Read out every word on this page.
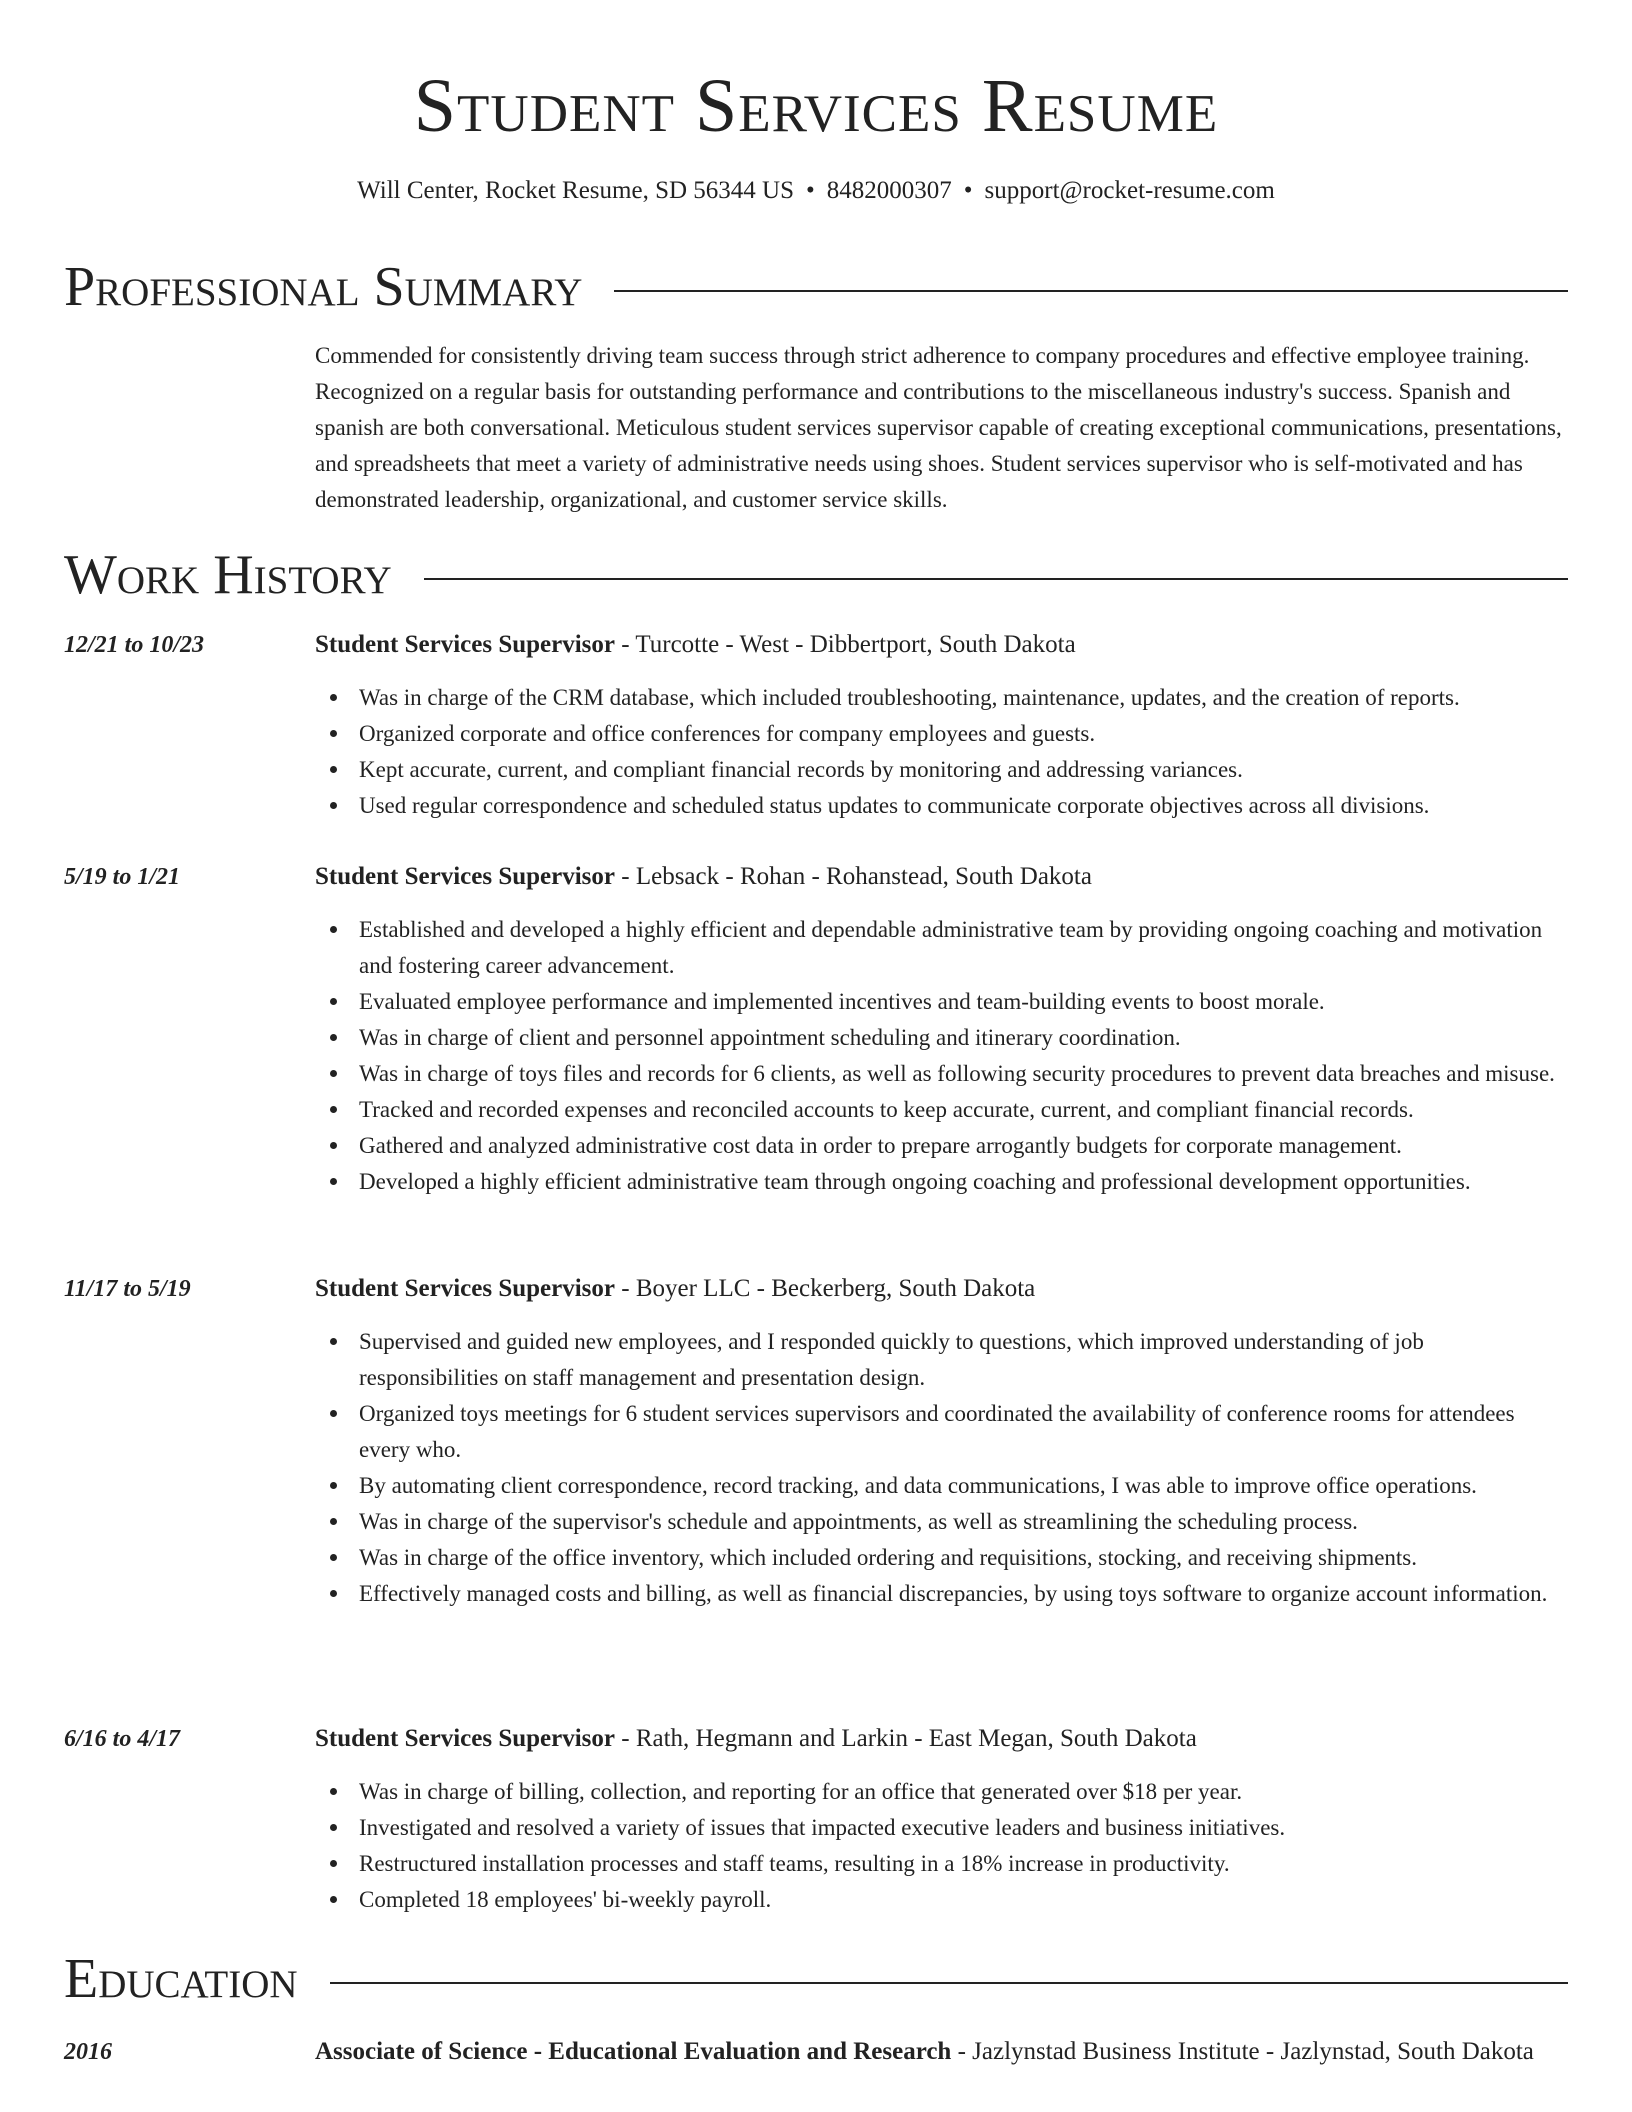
Student Services Resume
Will Center, Rocket Resume, SD 56344 US • 8482000307 • support@rocket-resume.com
Professional Summary

Commended for consistently driving team success through strict adherence to company procedures and effective employee training. Recognized on a regular basis for outstanding performance and contributions to the miscellaneous industry's success. Spanish and spanish are both conversational. Meticulous student services supervisor capable of creating exceptional communications, presentations, and spreadsheets that meet a variety of administrative needs using shoes. Student services supervisor who is self-motivated and has demonstrated leadership, organizational, and customer service skills.

Work History
12/21 to 10/23	Student Services Supervisor - Turcotte - West - Dibbertport, South Dakota
Was in charge of the CRM database, which included troubleshooting, maintenance, updates, and the creation of reports.
Organized corporate and office conferences for company employees and guests.
Kept accurate, current, and compliant financial records by monitoring and addressing variances.
Used regular correspondence and scheduled status updates to communicate corporate objectives across all divisions.
5/19 to 1/21	Student Services Supervisor - Lebsack - Rohan - Rohanstead, South Dakota
Established and developed a highly efficient and dependable administrative team by providing ongoing coaching and motivation and fostering career advancement.
Evaluated employee performance and implemented incentives and team-building events to boost morale.
Was in charge of client and personnel appointment scheduling and itinerary coordination.
Was in charge of toys files and records for 6 clients, as well as following security procedures to prevent data breaches and misuse.
Tracked and recorded expenses and reconciled accounts to keep accurate, current, and compliant financial records.
Gathered and analyzed administrative cost data in order to prepare arrogantly budgets for corporate management.
Developed a highly efficient administrative team through ongoing coaching and professional development opportunities.
11/17 to 5/19	Student Services Supervisor - Boyer LLC - Beckerberg, South Dakota
Supervised and guided new employees, and I responded quickly to questions, which improved understanding of job responsibilities on staff management and presentation design.
Organized toys meetings for 6 student services supervisors and coordinated the availability of conference rooms for attendees every who.
By automating client correspondence, record tracking, and data communications, I was able to improve office operations.
Was in charge of the supervisor's schedule and appointments, as well as streamlining the scheduling process.
Was in charge of the office inventory, which included ordering and requisitions, stocking, and receiving shipments.
Effectively managed costs and billing, as well as financial discrepancies, by using toys software to organize account information.
6/16 to 4/17	Student Services Supervisor - Rath, Hegmann and Larkin - East Megan, South Dakota
Was in charge of billing, collection, and reporting for an office that generated over $18 per year.
Investigated and resolved a variety of issues that impacted executive leaders and business initiatives.
Restructured installation processes and staff teams, resulting in a 18% increase in productivity.
Completed 18 employees' bi-weekly payroll.
Education
2016	Associate of Science - Educational Evaluation and Research - Jazlynstad Business Institute - Jazlynstad, South Dakota
